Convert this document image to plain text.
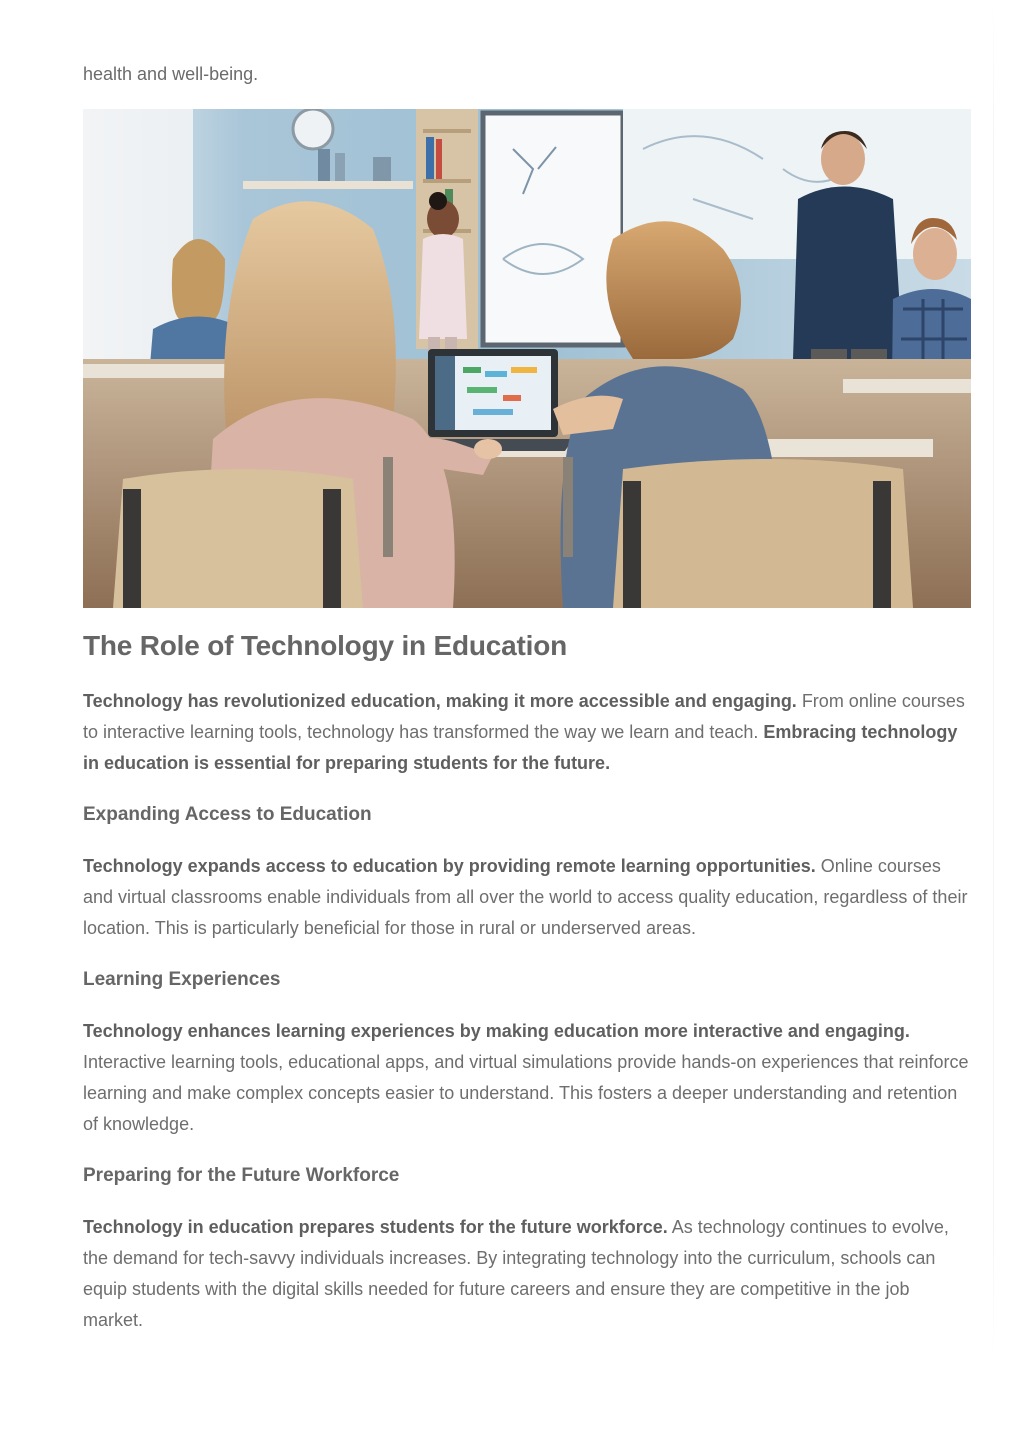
health and well-being.

The Role of Technology in Education

Technology has revolutionized education, making it more accessible and engaging. From online courses to interactive learning tools, technology has transformed the way we learn and teach. Embracing technology in education is essential for preparing students for the future.

Expanding Access to Education

Technology expands access to education by providing remote learning opportunities. Online courses and virtual classrooms enable individuals from all over the world to access quality education, regardless of their location. This is particularly beneficial for those in rural or underserved areas.

Learning Experiences

Technology enhances learning experiences by making education more interactive and engaging. Interactive learning tools, educational apps, and virtual simulations provide hands-on experiences that reinforce learning and make complex concepts easier to understand. This fosters a deeper understanding and retention of knowledge.

Preparing for the Future Workforce

Technology in education prepares students for the future workforce. As technology continues to evolve, the demand for tech-savvy individuals increases. By integrating technology into the curriculum, schools can equip students with the digital skills needed for future careers and ensure they are competitive in the job market.
